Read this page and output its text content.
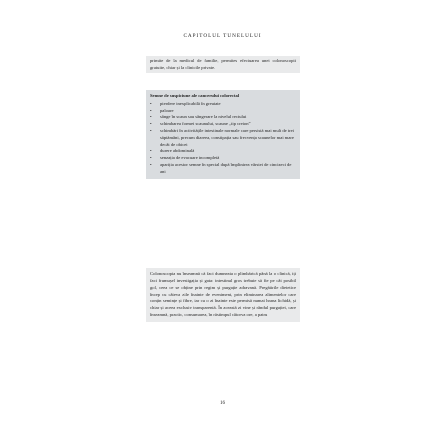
CAPITOLUL TUNELULUI
primite de la medicul de familie, permites efectuarea unei colonoscopii gratuite, chiar și la clinicile private.
Semne de suspiciune ale cancerului colorectal
• pierdere inexplicabilă în greutate
• paloare
• sânge în scaun sau sângerare la nivelul rectului
• schimbarea formei scaunului, scaune „tip creion”
• schimbări în activitățile intestinale normale care persistă mai mult de trei săptămâni, precum diareea, constipația sau frecvența scaunelor mai mare decât de obicei
• durere abdominală
• senzația de evacuare incompletă
• apariția acestor semne în special după împlinirea vârstei de cincizeci de ani

Colonoscopia nu înseamnă că faci dumneata o plimbărică până la o clinică, iți faci frumușel investigația și gata: intestinul gros trebuie să fie pe cât posibil gol, ceea ce se obține prin regim și purgație adravană. Pregătirile dietetice încep cu câteva zile înainte de eveniment, prin eliminarea alimentelor care conțin semințe și fibre, iar cu o zi înainte este permisă numai hrana lichidă, și chiar și aceea exclusiv transparentă. În această zi vine și rândul purgației, care înseamnă, practic, consumarea, în răstimpul câtorva ore, a patru

16
